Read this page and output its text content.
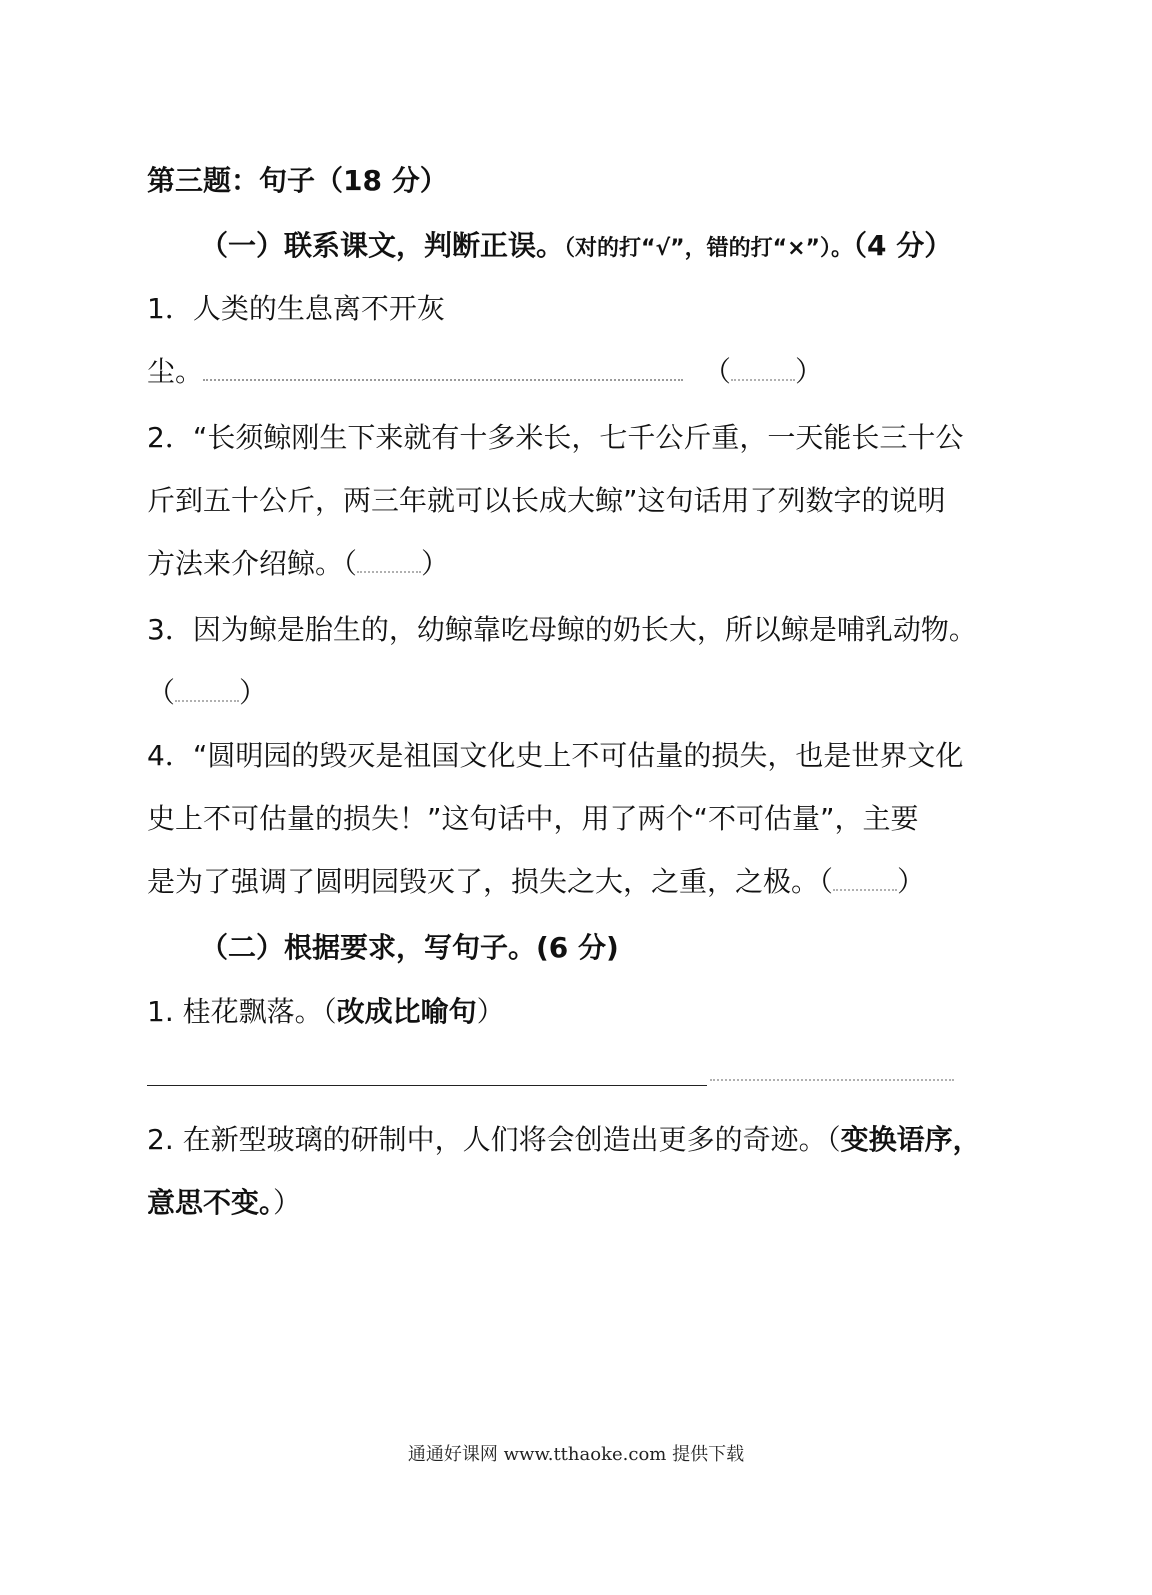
第三题：句子（18 分）
（一）联系课文，判断正误。（对的打“√”，错的打“×”）。（4 分）
1．人类的生息离不开灰
尘。	（ ）
2．“长须鲸刚生下来就有十多米长，七千公斤重，一天能长三十公
斤到五十公斤，两三年就可以长成大鲸”这句话用了列数字的说明
方法来介绍鲸。（ ）
3．因为鲸是胎生的，幼鲸靠吃母鲸的奶长大，所以鲸是哺乳动物。
（ ）
4．“圆明园的毁灭是祖国文化史上不可估量的损失，也是世界文化
史上不可估量的损失！”这句话中，用了两个“不可估量”，主要
是为了强调了圆明园毁灭了，损失之大，之重，之极。（ ）
（二）根据要求，写句子。(6 分)
1. 桂花飘落。（改成比喻句）
2. 在新型玻璃的研制中，人们将会创造出更多的奇迹。（变换语序，
意思不变。）
通通好课网 www.tthaoke.com 提供下载
